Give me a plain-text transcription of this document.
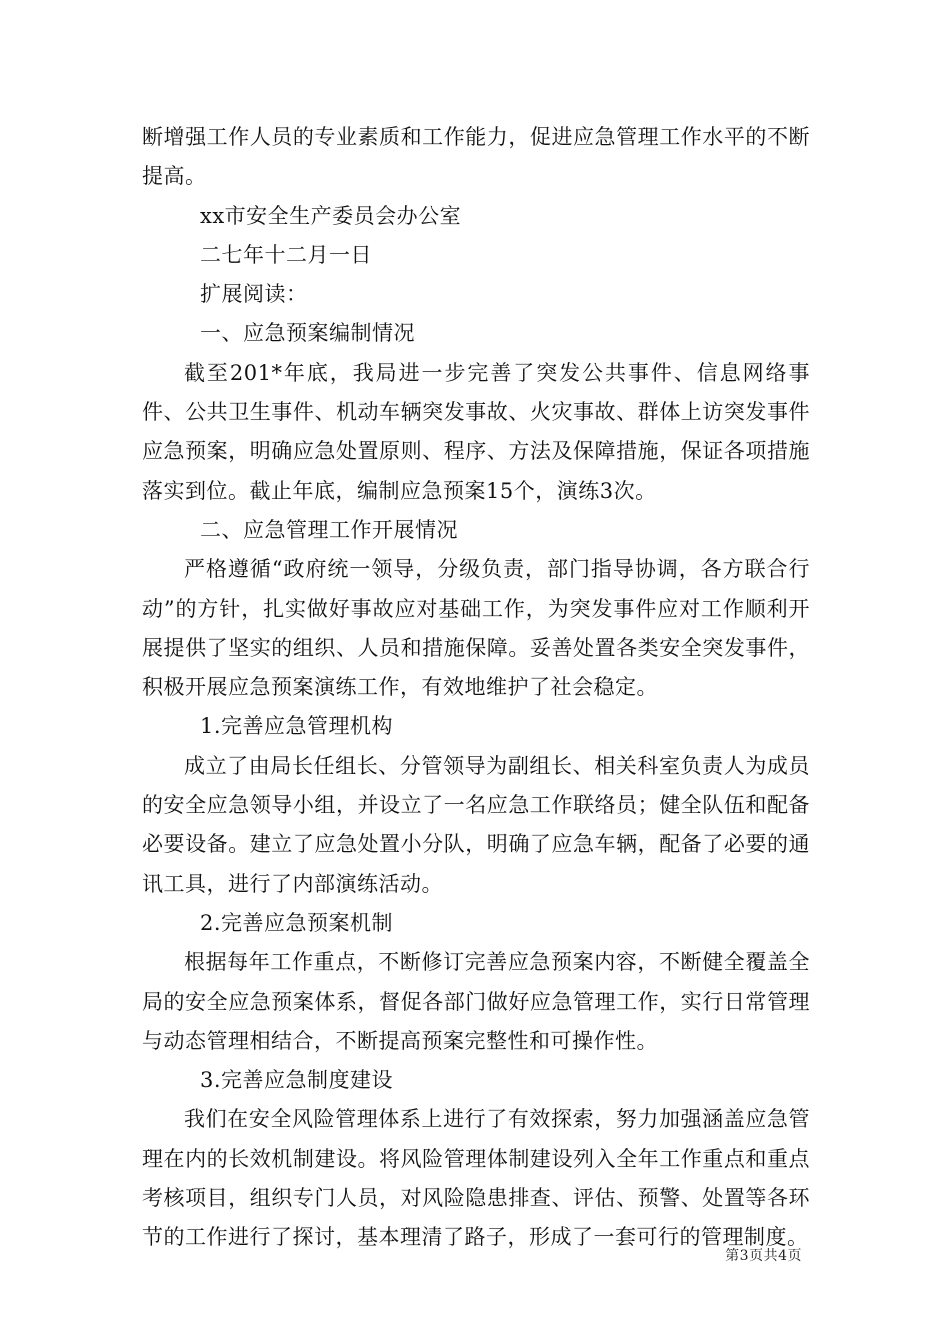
断增强工作人员的专业素质和工作能力，促进应急管理工作水平的不断提高。

xx市安全生产委员会办公室

二七年十二月一日

扩展阅读：

一、应急预案编制情况

截至201*年底，我局进一步完善了突发公共事件、信息网络事件、公共卫生事件、机动车辆突发事故、火灾事故、群体上访突发事件应急预案，明确应急处置原则、程序、方法及保障措施，保证各项措施落实到位。截止年底，编制应急预案15个，演练3次。

二、应急管理工作开展情况

严格遵循“政府统一领导，分级负责，部门指导协调，各方联合行动”的方针，扎实做好事故应对基础工作，为突发事件应对工作顺利开展提供了坚实的组织、人员和措施保障。妥善处置各类安全突发事件，积极开展应急预案演练工作，有效地维护了社会稳定。

1.完善应急管理机构

成立了由局长任组长、分管领导为副组长、相关科室负责人为成员的安全应急领导小组，并设立了一名应急工作联络员；健全队伍和配备必要设备。建立了应急处置小分队，明确了应急车辆，配备了必要的通讯工具，进行了内部演练活动。

2.完善应急预案机制

根据每年工作重点，不断修订完善应急预案内容，不断健全覆盖全局的安全应急预案体系，督促各部门做好应急管理工作，实行日常管理与动态管理相结合，不断提高预案完整性和可操作性。

3.完善应急制度建设

我们在安全风险管理体系上进行了有效探索，努力加强涵盖应急管理在内的长效机制建设。将风险管理体制建设列入全年工作重点和重点考核项目，组织专门人员，对风险隐患排查、评估、预警、处置等各环节的工作进行了探讨，基本理清了路子，形成了一套可行的管理制度。

第3页共4页
